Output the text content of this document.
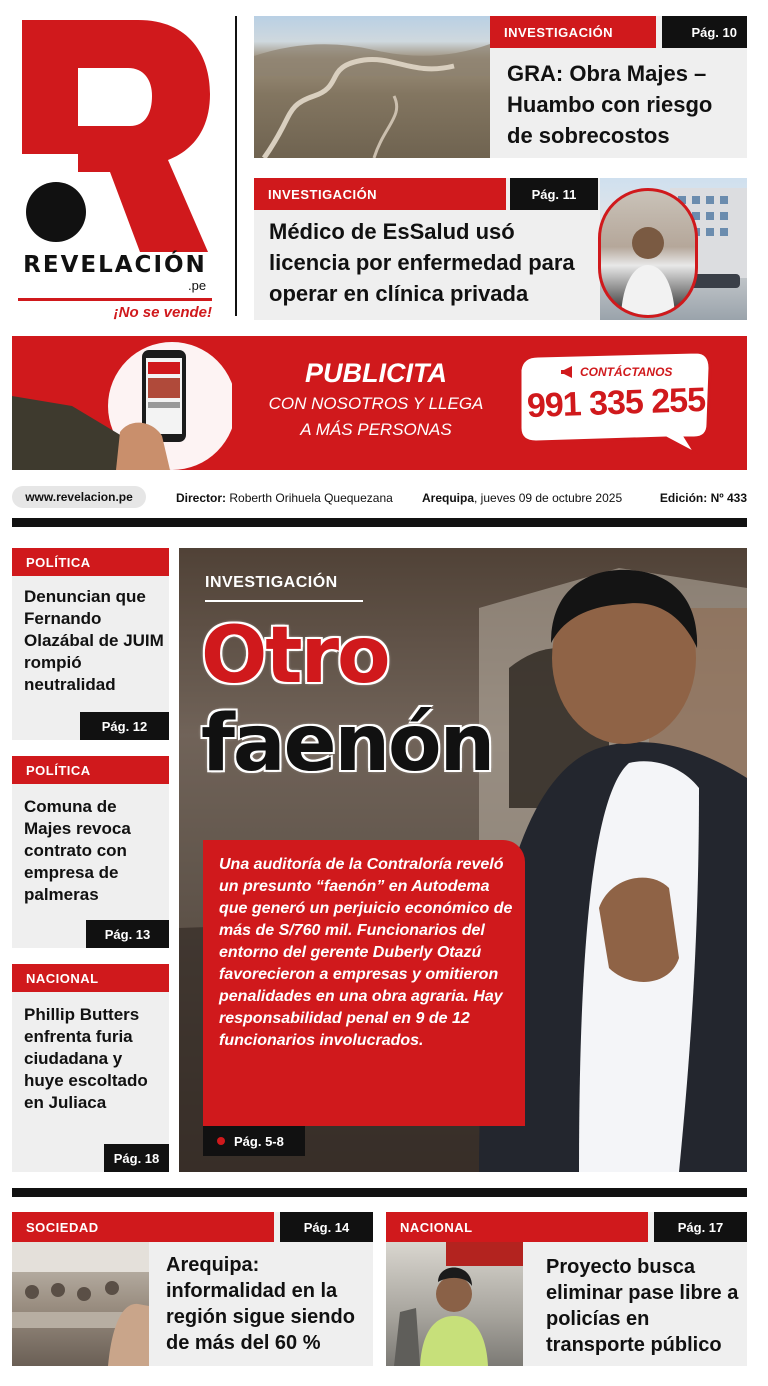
REVELACIÓN
.pe
¡No se vende!
INVESTIGACIÓN	Pág. 10
GRA: Obra Majes – Huambo con riesgo de sobrecostos
INVESTIGACIÓN	Pág. 11
Médico de EsSalud usó licencia por enfermedad para operar en clínica privada
PUBLICITA
CON NOSOTROS Y LLEGA
A MÁS PERSONAS
CONTÁCTANOS
991 335 255
www.revelacion.pe	Director: Roberth Orihuela Quequezana Arequipa, jueves 09 de octubre 2025	Edición: Nº 433
POLÍTICA
Denuncian que Fernando Olazábal de JUIM rompió neutralidad
Pág. 12
POLÍTICA
Comuna de Majes revoca contrato con empresa de palmeras
Pág. 13
NACIONAL
Phillip Butters enfrenta furia ciudadana y huye escoltado en Juliaca
Pág. 18
INVESTIGACIÓN
Otro
faenón
Una auditoría de la Contraloría reveló un presunto “faenón” en Autodema que generó un perjuicio económico de más de S/760 mil. Funcionarios del entorno del gerente Duberly Otazú favorecieron a empresas y omitieron penalidades en una obra agraria. Hay responsabilidad penal en 9 de 12 funcionarios involucrados.
Pág. 5-8
SOCIEDAD	Pág. 14
Arequipa: informalidad en la región sigue siendo de más del 60 %
NACIONAL	Pág. 17
Proyecto busca eliminar pase libre a policías en transporte público
